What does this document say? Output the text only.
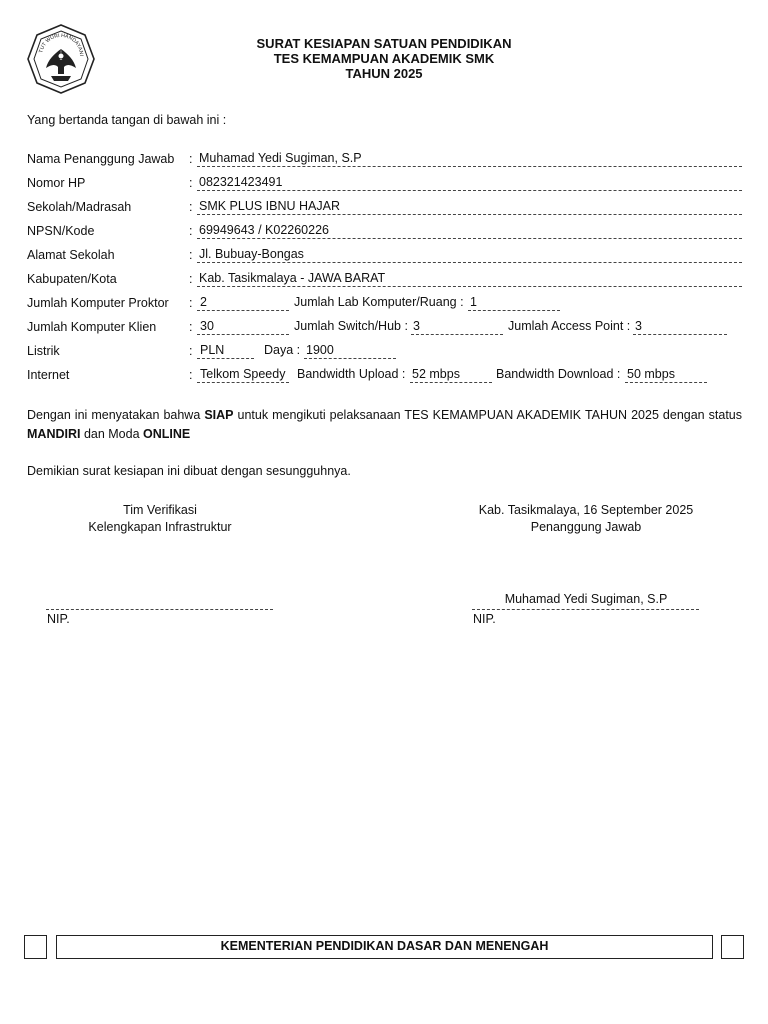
TUT WURI HANDAYANI
SURAT KESIAPAN SATUAN PENDIDIKAN
TES KEMAMPUAN AKADEMIK SMK
TAHUN 2025
Yang bertanda tangan di bawah ini :
Nama Penanggung Jawab : Muhamad Yedi Sugiman, S.P
Nomor HP	: 082321423491
Sekolah/Madrasah	: SMK PLUS IBNU HAJAR
NPSN/Kode	: 69949643 / K02260226
Alamat Sekolah	: Jl. Bubuay-Bongas
Kabupaten/Kota	: Kab. Tasikmalaya - JAWA BARAT
Jumlah Komputer Proktor : 2	Jumlah Lab Komputer/Ruang : 1
Jumlah Komputer Klien	: 30	Jumlah Switch/Hub : 3	Jumlah Access Point : 3
Listrik	: PLN	Daya : 1900
Internet	: Telkom Speedy Bandwidth Upload : 52 mbps	Bandwidth Download : 50 mbps
Dengan ini menyatakan bahwa SIAP untuk mengikuti pelaksanaan TES KEMAMPUAN AKADEMIK TAHUN 2025 dengan status MANDIRI dan Moda ONLINE
Demikian surat kesiapan ini dibuat dengan sesungguhnya.
Tim Verifikasi
Kelengkapan Infrastruktur
NIP.
Kab. Tasikmalaya, 16 September 2025
Penanggung Jawab
Muhamad Yedi Sugiman, S.P
NIP.
KEMENTERIAN PENDIDIKAN DASAR DAN MENENGAH
